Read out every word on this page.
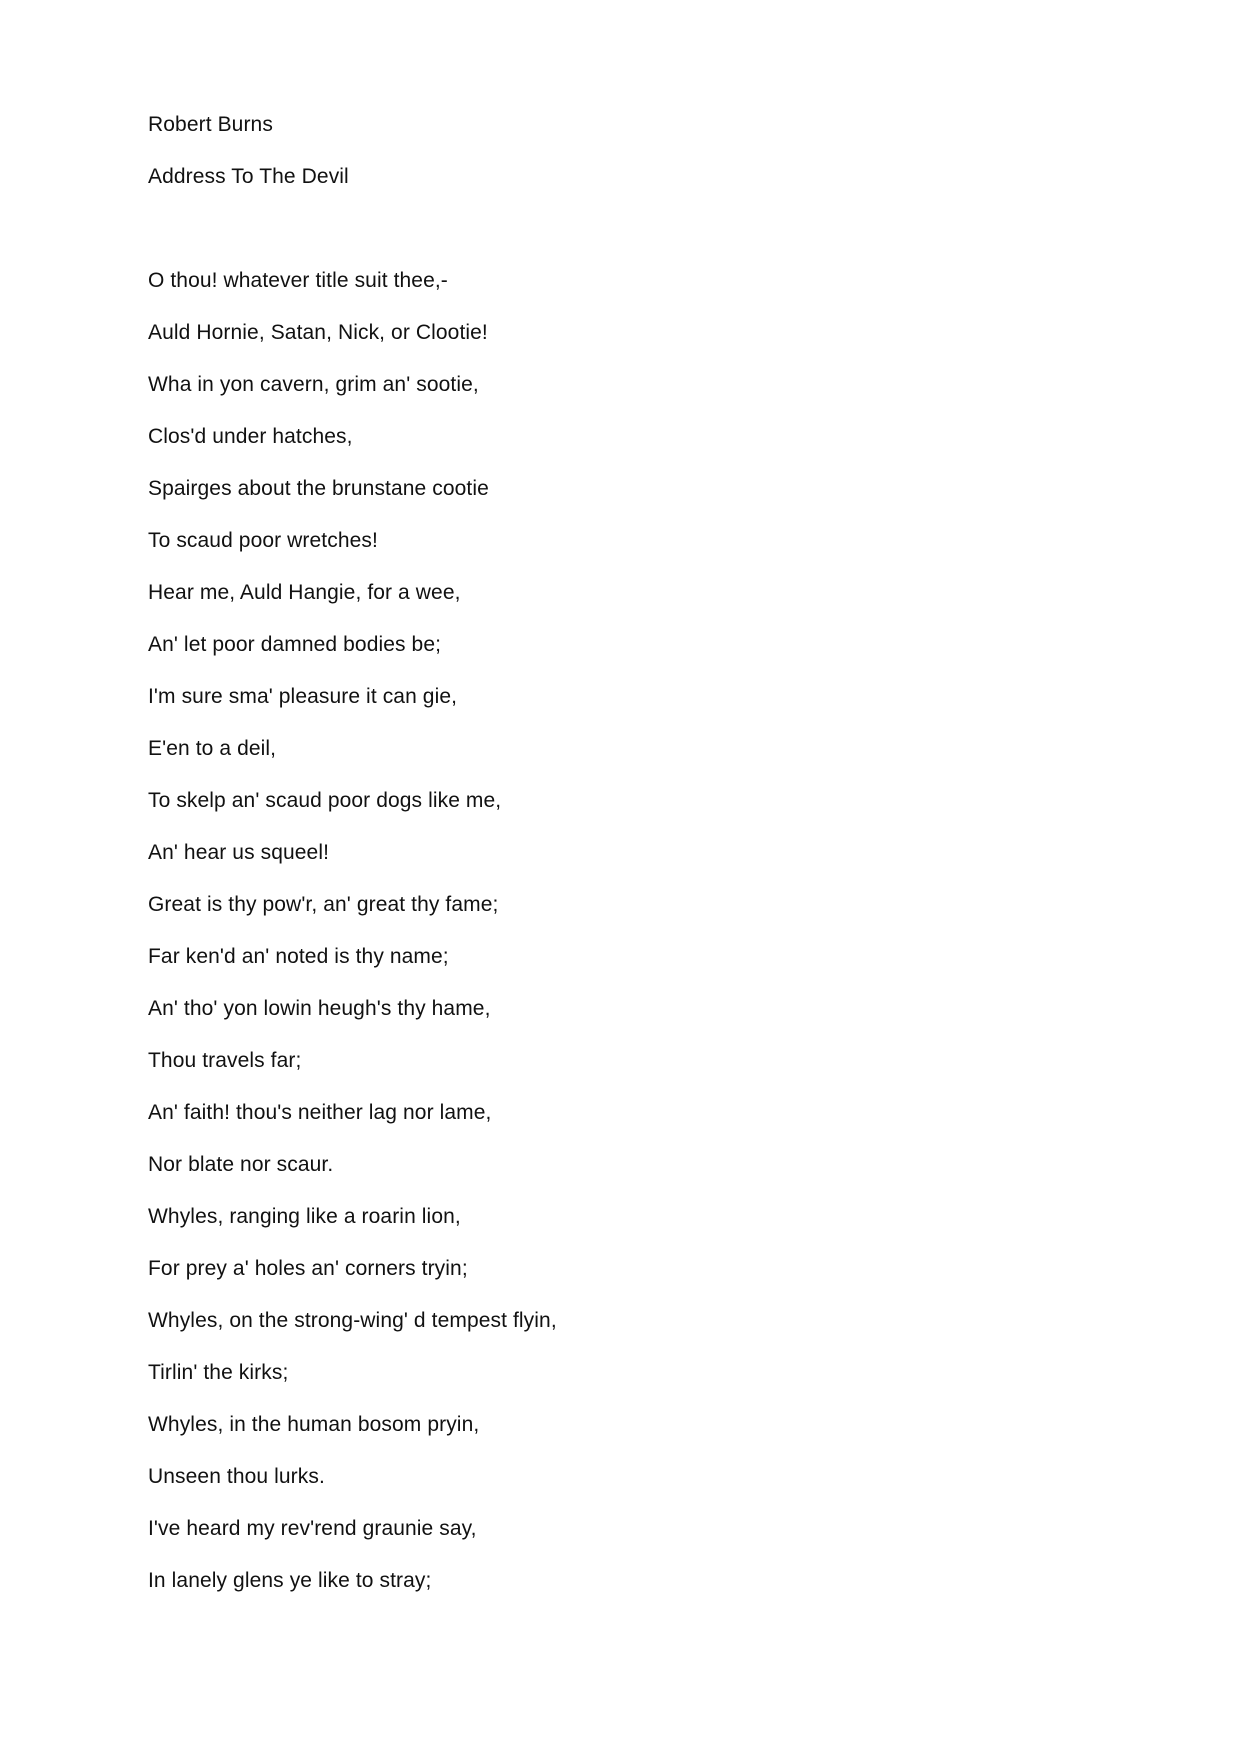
Robert Burns
Address To The Devil
O thou! whatever title suit thee,-
Auld Hornie, Satan, Nick, or Clootie!
Wha in yon cavern, grim an' sootie,
Clos'd under hatches,
Spairges about the brunstane cootie
To scaud poor wretches!
Hear me, Auld Hangie, for a wee,
An' let poor damned bodies be;
I'm sure sma' pleasure it can gie,
E'en to a deil,
To skelp an' scaud poor dogs like me,
An' hear us squeel!
Great is thy pow'r, an' great thy fame;
Far ken'd an' noted is thy name;
An' tho' yon lowin heugh's thy hame,
Thou travels far;
An' faith! thou's neither lag nor lame,
Nor blate nor scaur.
Whyles, ranging like a roarin lion,
For prey a' holes an' corners tryin;
Whyles, on the strong-wing' d tempest flyin,
Tirlin' the kirks;
Whyles, in the human bosom pryin,
Unseen thou lurks.
I've heard my rev'rend graunie say,
In lanely glens ye like to stray;
